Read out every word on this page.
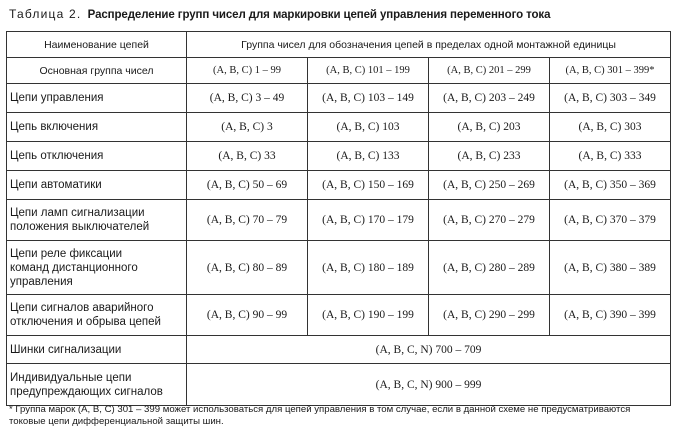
Таблица 2. Распределение групп чисел для маркировки цепей управления переменного тока
Наименование цепей	Группа чисел для обозначения цепей в пределах одной монтажной единицы			
Основная группа чисел	(A, B, C) 1 – 99	(A, B, C) 101 – 199	(A, B, C) 201 – 299	(A, B, C) 301 – 399*

Цепи управления	(A, B, C) 3 – 49	(A, B, C) 103 – 149	(A, B, C) 203 – 249	(A, B, C) 303 – 349

Цепь включения	(A, B, C) 3	(A, B, C) 103	(A, B, C) 203	(A, B, C) 303

Цепь отключения	(A, B, C) 33	(A, B, C) 133	(A, B, C) 233	(A, B, C) 333

Цепи автоматики	(A, B, C) 50 – 69	(A, B, C) 150 – 169	(A, B, C) 250 – 269	(A, B, C) 350 – 369

Цепи ламп сигнализации
положения выключателей	(A, B, C) 70 – 79	(A, B, C) 170 – 179	(A, B, C) 270 – 279	(A, B, C) 370 – 379

Цепи реле фиксации
команд дистанционного
управления	(A, B, C) 80 – 89	(A, B, C) 180 – 189	(A, B, C) 280 – 289	(A, B, C) 380 – 389

Цепи сигналов аварийного
отключения и обрыва цепей	(A, B, C) 90 – 99	(A, B, C) 190 – 199	(A, B, C) 290 – 299	(A, B, C) 390 – 399

Шинки сигнализации	(A, B, C, N) 700 – 709			

Индивидуальные цепи
предупреждающих сигналов	(A, B, C, N) 900 – 999			
* Группа марок (A, B, C) 301 – 399 может использоваться для цепей управления в том случае, если в данной схеме не предусматриваются
токовые цепи дифференциальной защиты шин.
